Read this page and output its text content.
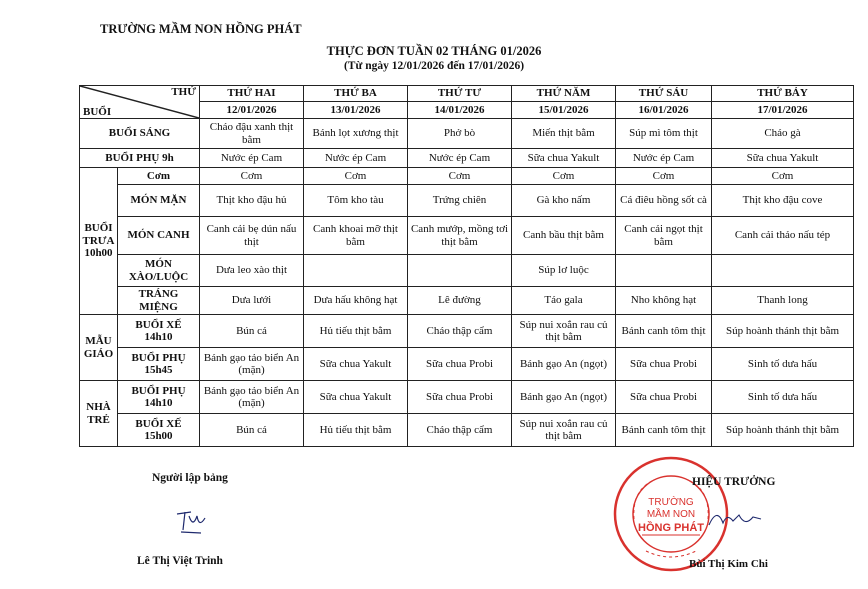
TRƯỜNG MẦM NON HỒNG PHÁT
THỰC ĐƠN TUẦN 02 THÁNG 01/2026
(Từ ngày 12/01/2026 đến 17/01/2026)
THỨ
BUỔI		THỨ HAI	THỨ BA	THỨ TƯ	THỨ NĂM	THỨ SÁU	THỨ BẢY
		12/01/2026	13/01/2026	14/01/2026	15/01/2026	16/01/2026	17/01/2026
BUỔI SÁNG		Cháo đậu xanh thịt bằm	Bánh lọt xương thịt	Phở bò	Miến thịt bằm	Súp mì tôm thịt	Cháo gà
BUỔI PHỤ 9h		Nước ép Cam	Nước ép Cam	Nước ép Cam	Sữa chua Yakult	Nước ép Cam	Sữa chua Yakult
BUỔI TRƯA 10h00	Cơm	Cơm	Cơm	Cơm	Cơm	Cơm	Cơm
	MÓN MẶN	Thịt kho đậu hủ	Tôm kho tàu	Trứng chiên	Gà kho nấm	Cá điêu hồng sốt cà	Thịt kho đậu cove
	MÓN CANH	Canh cải bẹ dún nấu thịt	Canh khoai mỡ thịt bằm	Canh mướp, mồng tơi thịt bằm	Canh bầu thịt bằm	Canh cải ngọt thịt bằm	Canh cải thảo nấu tép
	MÓN XÀO/LUỘC	Dưa leo xào thịt			Súp lơ luộc		
	TRÁNG MIỆNG	Dưa lưới	Dưa hấu không hạt	Lê đường	Táo gala	Nho không hạt	Thanh long
MẪU GIÁO	BUỔI XẾ 14h10	Bún cá	Hủ tiếu thịt bằm	Cháo thập cẩm	Súp nui xoắn rau củ thịt bằm	Bánh canh tôm thịt	Súp hoành thánh thịt bằm
	BUỔI PHỤ 15h45	Bánh gạo tảo biển An (mặn)	Sữa chua Yakult	Sữa chua Probi	Bánh gạo An (ngọt)	Sữa chua Probi	Sinh tố dưa hấu
NHÀ TRẺ	BUỔI PHỤ 14h10	Bánh gạo tảo biển An (mặn)	Sữa chua Yakult	Sữa chua Probi	Bánh gạo An (ngọt)	Sữa chua Probi	Sinh tố dưa hấu
	BUỔI XẾ 15h00	Bún cá	Hủ tiếu thịt bằm	Cháo thập cẩm	Súp nui xoắn rau củ thịt bằm	Bánh canh tôm thịt	Súp hoành thánh thịt bằm
Người lập bảng
Lê Thị Việt Trinh
TRƯỜNG
MẦM NON
HỒNG PHÁT
HIỆU TRƯỞNG
Bùi Thị Kim Chi
